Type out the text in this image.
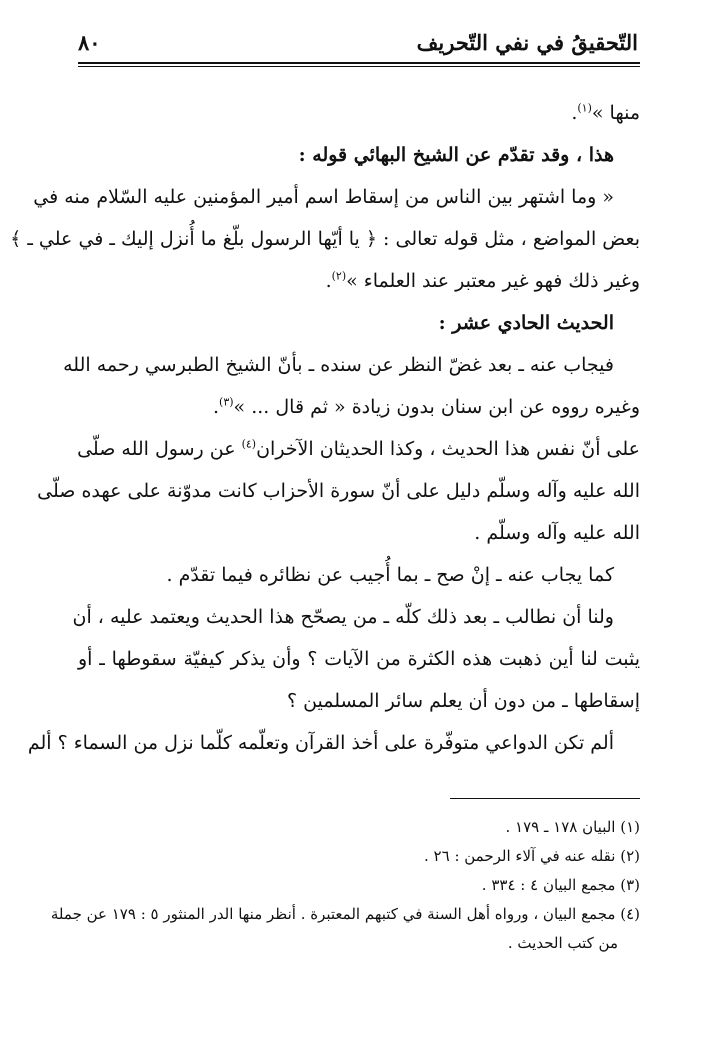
التّحقيقُ في نفي التّحريف
٨٠
منها »$^{(١)}$.
هذا ، وقد تقدّم عن الشيخ البهائي قوله :
« وما اشتهر بين الناس من إسقاط اسم أمير المؤمنين عليه السّلام منه في
بعض المواضع ، مثل قوله تعالى : ﴿ يا أيّها الرسول بلّغ ما أُنزل إليك ـ في علي ـ ﴾
وغير ذلك فهو غير معتبر عند العلماء »$^{(٢)}$.
الحديث الحادي عشر :
فيجاب عنه ـ بعد غضّ النظر عن سنده ـ بأنّ الشيخ الطبرسي رحمه الله
وغيره رووه عن ابن سنان بدون زيادة « ثم قال ... »$^{(٣)}$.
على أنّ نفس هذا الحديث ، وكذا الحديثان الآخران$^{(٤)}$ عن رسول الله صلّى
الله عليه وآله وسلّم دليل على أنّ سورة الأحزاب كانت مدوّنة على عهده صلّى
الله عليه وآله وسلّم .
كما يجاب عنه ـ إنْ صح ـ بما أُجيب عن نظائره فيما تقدّم .
ولنا أن نطالب ـ بعد ذلك كلّه ـ من يصحّح هذا الحديث ويعتمد عليه ، أن
يثبت لنا أين ذهبت هذه الكثرة من الآيات ؟ وأن يذكر كيفيّة سقوطها ـ أو
إسقاطها ـ من دون أن يعلم سائر المسلمين ؟
ألم تكن الدواعي متوفّرة على أخذ القرآن وتعلّمه كلّما نزل من السماء ؟ ألم
(١) البيان ١٧٨ ـ ١٧٩ .
(٢) نقله عنه في آلاء الرحمن : ٢٦ .
(٣) مجمع البيان ٤ : ٣٣٤ .
(٤) مجمع البيان ، ورواه أهل السنة في كتبهم المعتبرة . أنظر منها الدر المنثور ٥ : ١٧٩ عن جملة
من كتب الحديث .
